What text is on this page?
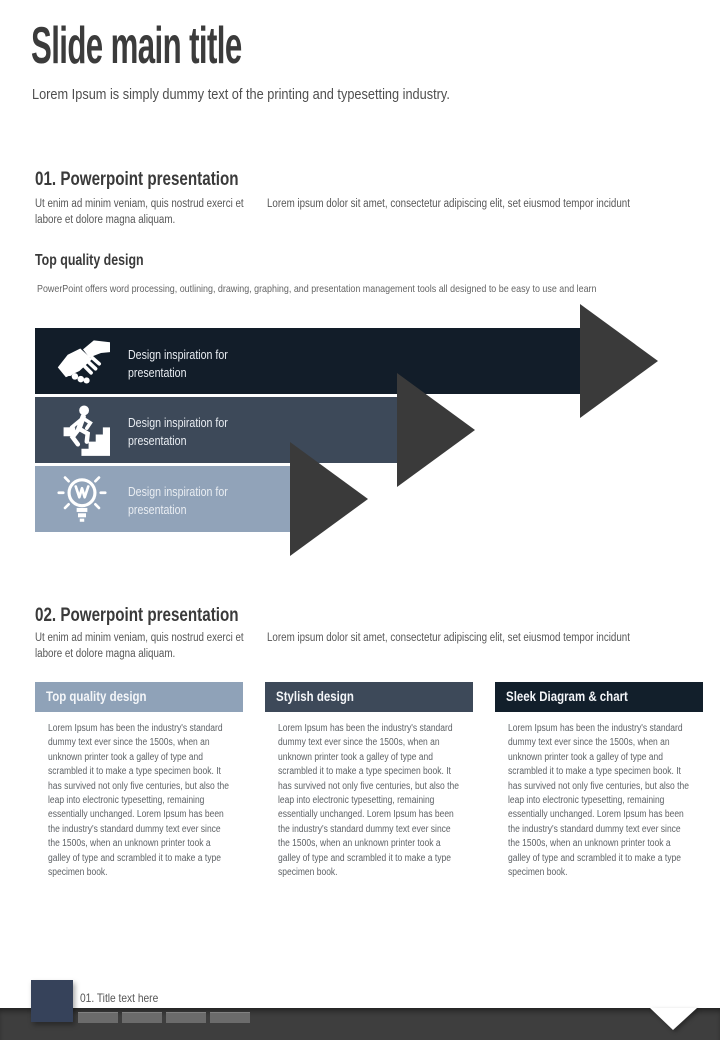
Slide main title
Lorem Ipsum is simply dummy text of the printing and typesetting industry.
01. Powerpoint presentation
Ut enim ad minim veniam, quis nostrud exerci et labore et dolore magna aliquam.
Lorem ipsum dolor sit amet, consectetur adipiscing elit, set eiusmod tempor incidunt
Top quality design
PowerPoint offers word processing, outlining, drawing, graphing, and presentation management tools all designed to be easy to use and learn
Design inspiration for presentation
Design inspiration for presentation
Design inspiration for presentation
02. Powerpoint presentation
Ut enim ad minim veniam, quis nostrud exerci et labore et dolore magna aliquam.
Lorem ipsum dolor sit amet, consectetur adipiscing elit, set eiusmod tempor incidunt
Top quality design
Lorem Ipsum has been the industry's standard dummy text ever since the 1500s, when an unknown printer took a galley of type and scrambled it to make a type specimen book. It has survived not only five centuries, but also the leap into electronic typesetting, remaining essentially unchanged. Lorem Ipsum has been the industry's standard dummy text ever since the 1500s, when an unknown printer took a galley of type and scrambled it to make a type specimen book.
Stylish design
Lorem Ipsum has been the industry's standard dummy text ever since the 1500s, when an unknown printer took a galley of type and scrambled it to make a type specimen book. It has survived not only five centuries, but also the leap into electronic typesetting, remaining essentially unchanged. Lorem Ipsum has been the industry's standard dummy text ever since the 1500s, when an unknown printer took a galley of type and scrambled it to make a type specimen book.
Sleek Diagram & chart
Lorem Ipsum has been the industry's standard dummy text ever since the 1500s, when an unknown printer took a galley of type and scrambled it to make a type specimen book. It has survived not only five centuries, but also the leap into electronic typesetting, remaining essentially unchanged. Lorem Ipsum has been the industry's standard dummy text ever since the 1500s, when an unknown printer took a galley of type and scrambled it to make a type specimen book.
01. Title text here
